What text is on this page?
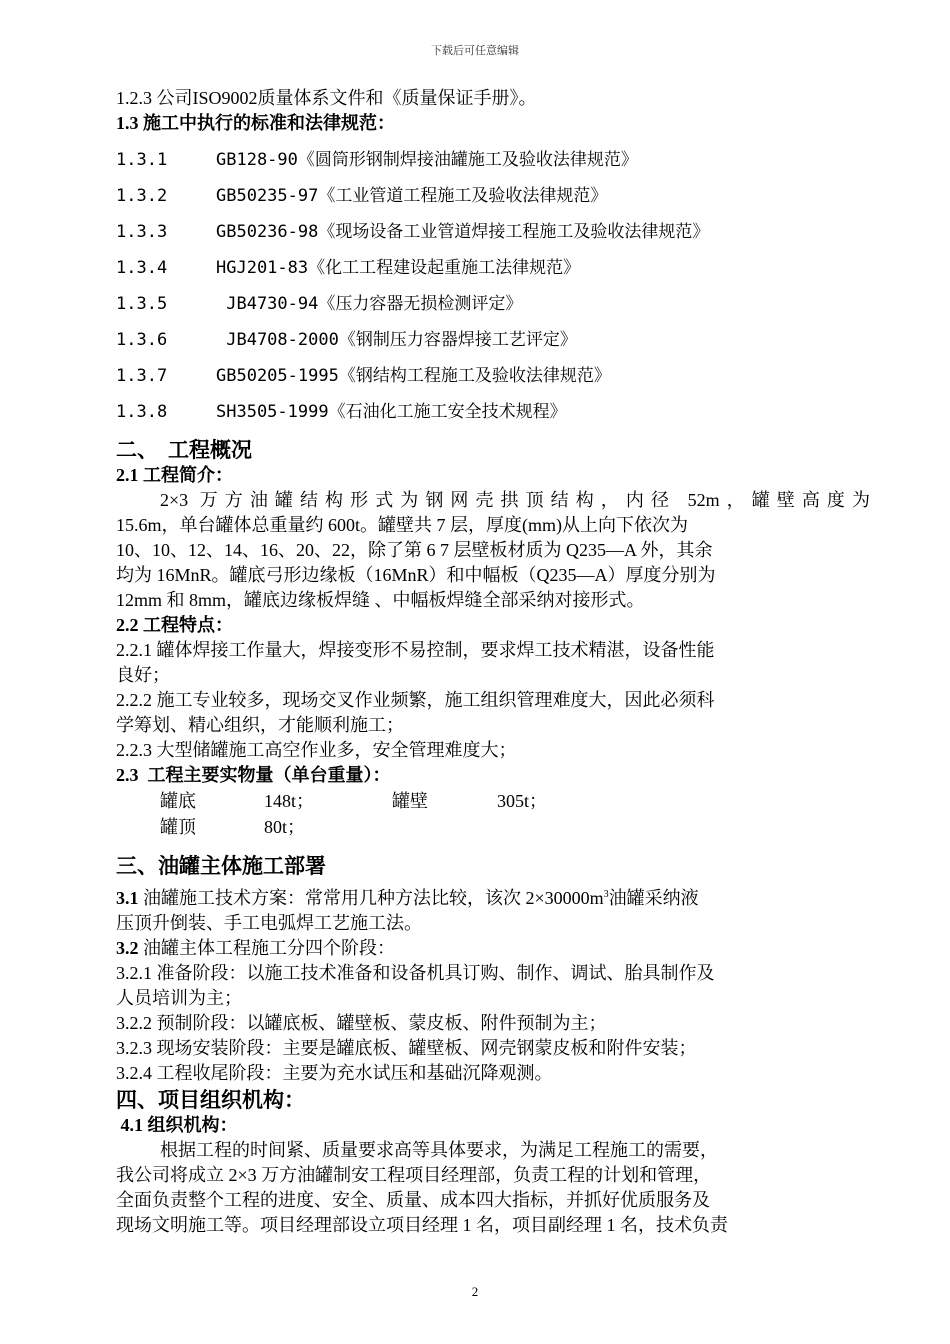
下载后可任意编辑
1.2.3 公司ISO9002质量体系文件和《质量保证手册》。
1.3 施工中执行的标准和法律规范：
1.3.1	GB128-90《圆筒形钢制焊接油罐施工及验收法律规范》
1.3.2	GB50235-97《工业管道工程施工及验收法律规范》
1.3.3	GB50236-98《现场设备工业管道焊接工程施工及验收法律规范》
1.3.4	HGJ201-83《化工工程建设起重施工法律规范》
1.3.5	JB4730-94《压力容器无损检测评定》
1.3.6	JB4708-2000《钢制压力容器焊接工艺评定》
1.3.7	GB50205-1995《钢结构工程施工及验收法律规范》
1.3.8	SH3505-1999《石油化工施工安全技术规程》
二、 工程概况
2.1 工程简介：
2×3 万方油罐结构形式为钢网壳拱顶结构，内径 52m，罐壁高度为
15.6m，单台罐体总重量约 600t。罐壁共 7 层，厚度(mm)从上向下依次为
10、10、12、14、16、20、22，除了第 6 7 层壁板材质为 Q235—A 外，其余
均为 16MnR。罐底弓形边缘板（16MnR）和中幅板（Q235—A）厚度分别为
12mm 和 8mm，罐底边缘板焊缝 、中幅板焊缝全部采纳对接形式。
2.2 工程特点：
2.2.1 罐体焊接工作量大，焊接变形不易控制，要求焊工技术精湛，设备性能
良好；
2.2.2 施工专业较多，现场交叉作业频繁，施工组织管理难度大，因此必须科
学筹划、精心组织，才能顺利施工；
2.2.3 大型储罐施工高空作业多，安全管理难度大；
2.3  工程主要实物量（单台重量）：
罐底	148t；	罐壁	305t；
罐顶	80t；
三、油罐主体施工部署
3.1 油罐施工技术方案：常常用几种方法比较，该次 $2\times 30000m^3$油罐采纳液
压顶升倒装、手工电弧焊工艺施工法。
3.2 油罐主体工程施工分四个阶段：
3.2.1 准备阶段：以施工技术准备和设备机具订购、制作、调试、胎具制作及
人员培训为主；
3.2.2 预制阶段：以罐底板、罐壁板、蒙皮板、附件预制为主；
3.2.3 现场安装阶段：主要是罐底板、罐壁板、网壳钢蒙皮板和附件安装；
3.2.4 工程收尾阶段：主要为充水试压和基础沉降观测。
四、项目组织机构：
4.1 组织机构：
根据工程的时间紧、质量要求高等具体要求，为满足工程施工的需要，
我公司将成立 2×3 万方油罐制安工程项目经理部，负责工程的计划和管理，
全面负责整个工程的进度、安全、质量、成本四大指标，并抓好优质服务及
现场文明施工等。项目经理部设立项目经理 1 名，项目副经理 1 名，技术负责
2
